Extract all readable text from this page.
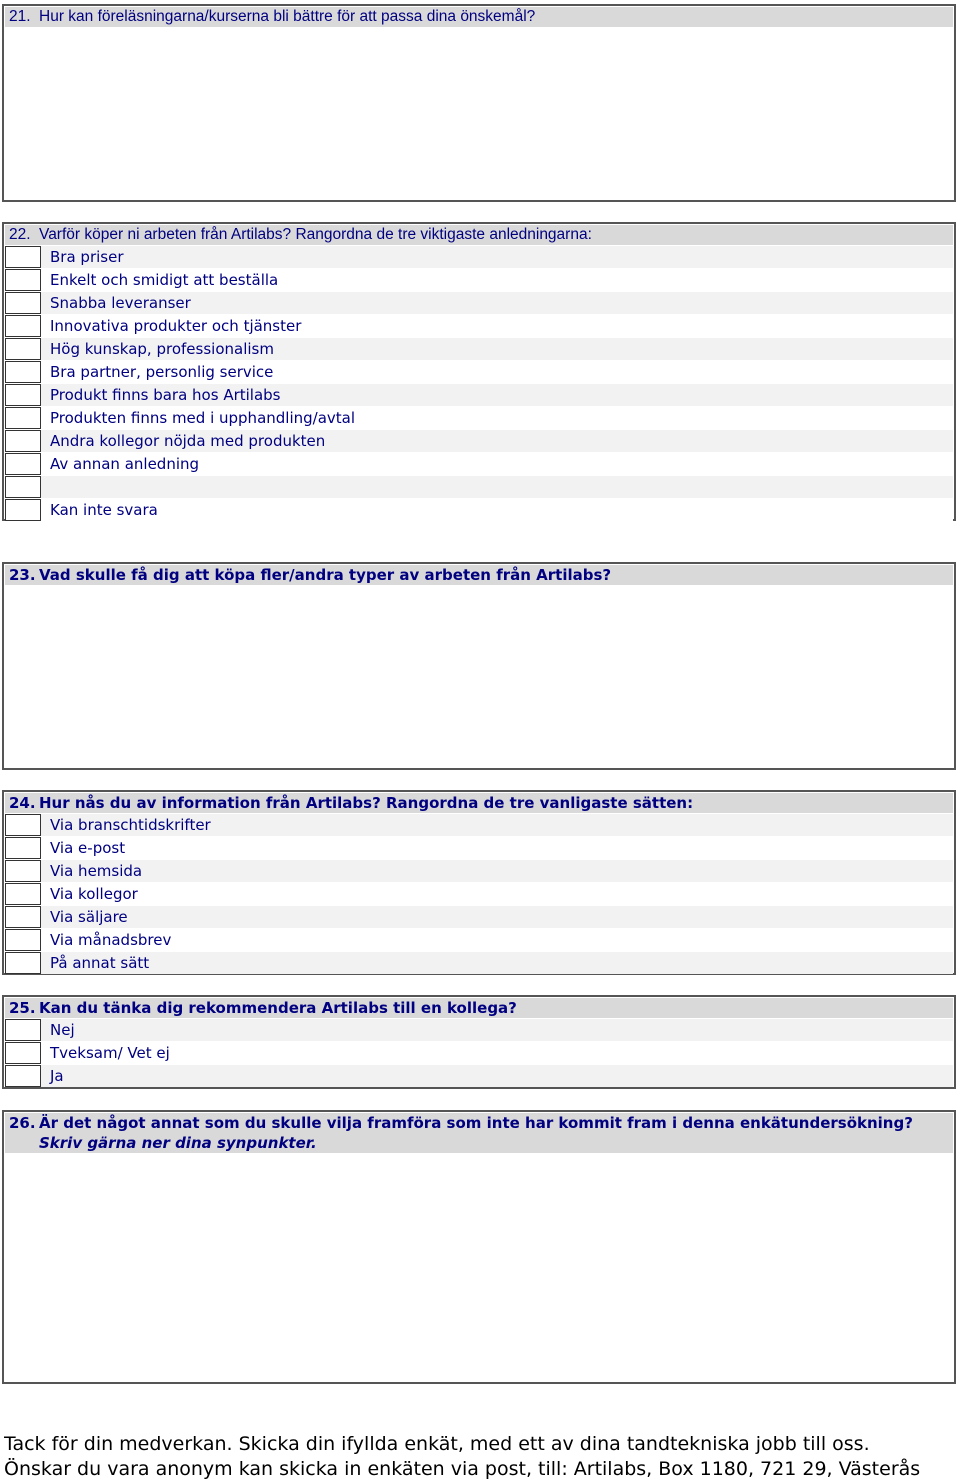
21. Hur kan föreläsningarna/kurserna bli bättre för att passa dina önskemål?
22. Varför köper ni arbeten från Artilabs? Rangordna de tre viktigaste anledningarna:
Bra priser
Enkelt och smidigt att beställa
Snabba leveranser
Innovativa produkter och tjänster
Hög kunskap, professionalism
Bra partner, personlig service
Produkt finns bara hos Artilabs
Produkten finns med i upphandling/avtal
Andra kollegor nöjda med produkten
Av annan anledning
Kan inte svara
23. Vad skulle få dig att köpa fler/andra typer av arbeten från Artilabs?
24. Hur nås du av information från Artilabs? Rangordna de tre vanligaste sätten:
Via branschtidskrifter
Via e-post
Via hemsida
Via kollegor
Via säljare
Via månadsbrev
På annat sätt
25. Kan du tänka dig rekommendera Artilabs till en kollega?
Nej
Tveksam/ Vet ej
Ja
26. Är det något annat som du skulle vilja framföra som inte har kommit fram i denna enkätundersökning? Skriv gärna ner dina synpunkter.
Tack för din medverkan. Skicka din ifyllda enkät, med ett av dina tandtekniska jobb till oss.
Önskar du vara anonym kan skicka in enkäten via post, till: Artilabs, Box 1180, 721 29, Västerås
